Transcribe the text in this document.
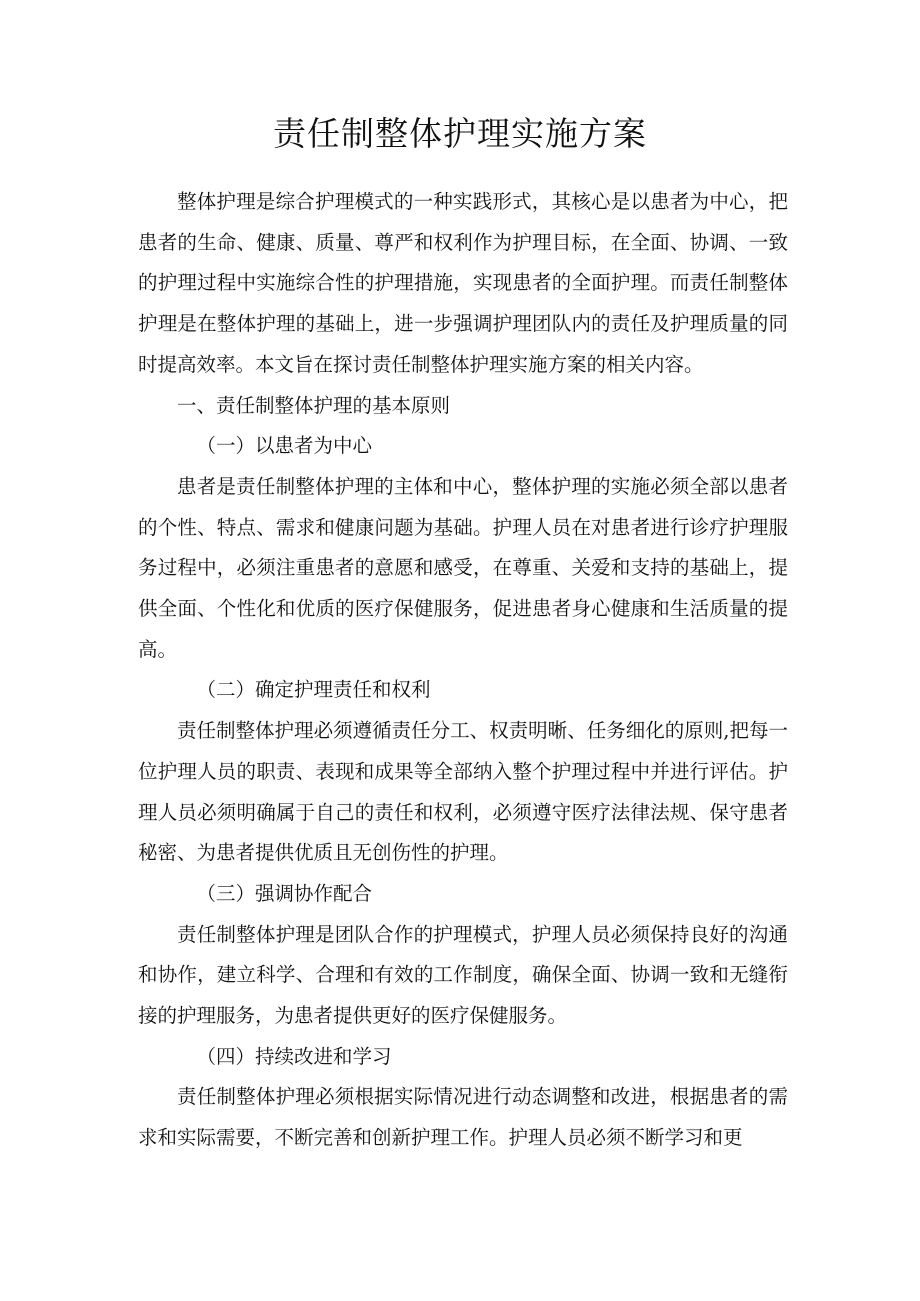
责任制整体护理实施方案

整体护理是综合护理模式的一种实践形式，其核心是以患者为中心，把患者的生命、健康、质量、尊严和权利作为护理目标，在全面、协调、一致的护理过程中实施综合性的护理措施，实现患者的全面护理。而责任制整体护理是在整体护理的基础上，进一步强调护理团队内的责任及护理质量的同时提高效率。本文旨在探讨责任制整体护理实施方案的相关内容。

一、责任制整体护理的基本原则

（一）以患者为中心

患者是责任制整体护理的主体和中心，整体护理的实施必须全部以患者的个性、特点、需求和健康问题为基础。护理人员在对患者进行诊疗护理服务过程中，必须注重患者的意愿和感受，在尊重、关爱和支持的基础上，提供全面、个性化和优质的医疗保健服务，促进患者身心健康和生活质量的提高。

（二）确定护理责任和权利

责任制整体护理必须遵循责任分工、权责明晰、任务细化的原则,把每一位护理人员的职责、表现和成果等全部纳入整个护理过程中并进行评估。护理人员必须明确属于自己的责任和权利，必须遵守医疗法律法规、保守患者秘密、为患者提供优质且无创伤性的护理。

（三）强调协作配合

责任制整体护理是团队合作的护理模式，护理人员必须保持良好的沟通和协作，建立科学、合理和有效的工作制度，确保全面、协调一致和无缝衔接的护理服务，为患者提供更好的医疗保健服务。

（四）持续改进和学习

责任制整体护理必须根据实际情况进行动态调整和改进，根据患者的需求和实际需要，不断完善和创新护理工作。护理人员必须不断学习和更
